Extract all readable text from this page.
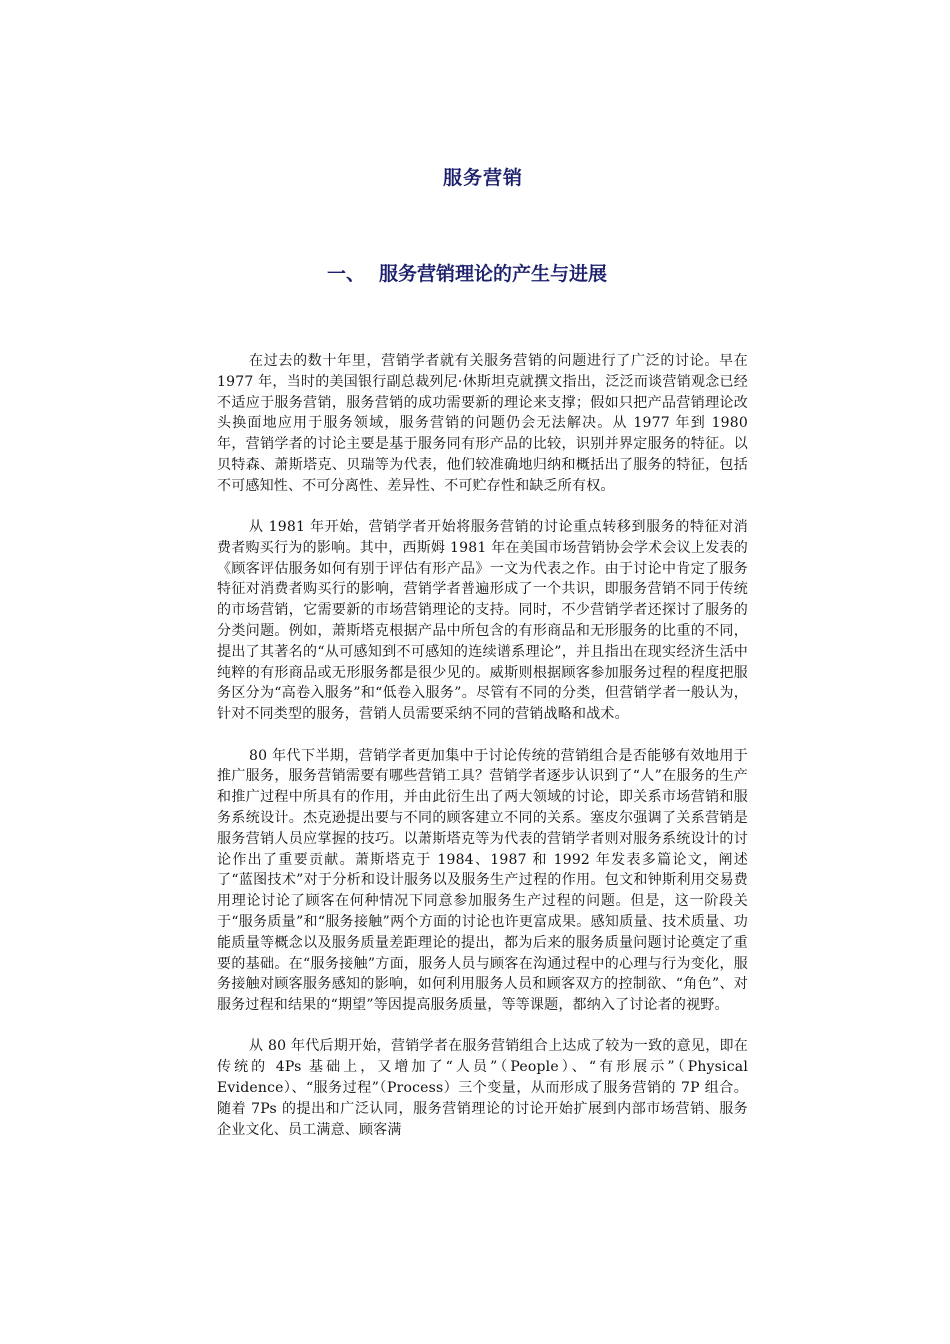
服务营销
一、 服务营销理论的产生与进展

在过去的数十年里，营销学者就有关服务营销的问题进行了广泛的讨论。早在 1977 年，当时的美国银行副总裁列尼·休斯坦克就撰文指出，泛泛而谈营销观念已经不适应于服务营销，服务营销的成功需要新的理论来支撑；假如只把产品营销理论改头换面地应用于服务领域，服务营销的问题仍会无法解决。从 1977 年到 1980 年，营销学者的讨论主要是基于服务同有形产品的比较，识别并界定服务的特征。以贝特森、萧斯塔克、贝瑞等为代表，他们较准确地归纳和概括出了服务的特征，包括不可感知性、不可分离性、差异性、不可贮存性和缺乏所有权。

从 1981 年开始，营销学者开始将服务营销的讨论重点转移到服务的特征对消费者购买行为的影响。其中，西斯姆 1981 年在美国市场营销协会学术会议上发表的《顾客评估服务如何有别于评估有形产品》一文为代表之作。由于讨论中肯定了服务特征对消费者购买行的影响，营销学者普遍形成了一个共识，即服务营销不同于传统的市场营销，它需要新的市场营销理论的支持。同时，不少营销学者还探讨了服务的分类问题。例如，萧斯塔克根据产品中所包含的有形商品和无形服务的比重的不同，提出了其著名的“从可感知到不可感知的连续谱系理论”，并且指出在现实经济生活中纯粹的有形商品或无形服务都是很少见的。威斯则根据顾客参加服务过程的程度把服务区分为“高卷入服务”和“低卷入服务”。尽管有不同的分类，但营销学者一般认为，针对不同类型的服务，营销人员需要采纳不同的营销战略和战术。

80 年代下半期，营销学者更加集中于讨论传统的营销组合是否能够有效地用于推广服务，服务营销需要有哪些营销工具？营销学者逐步认识到了“人”在服务的生产和推广过程中所具有的作用，并由此衍生出了两大领域的讨论，即关系市场营销和服务系统设计。杰克逊提出要与不同的顾客建立不同的关系。塞皮尔强调了关系营销是服务营销人员应掌握的技巧。以萧斯塔克等为代表的营销学者则对服务系统设计的讨论作出了重要贡献。萧斯塔克于 1984、1987 和 1992 年发表多篇论文，阐述了“蓝图技术”对于分析和设计服务以及服务生产过程的作用。包文和钟斯利用交易费用理论讨论了顾客在何种情况下同意参加服务生产过程的问题。但是，这一阶段关于“服务质量”和“服务接触”两个方面的讨论也许更富成果。感知质量、技术质量、功能质量等概念以及服务质量差距理论的提出，都为后来的服务质量问题讨论奠定了重要的基础。在“服务接触”方面，服务人员与顾客在沟通过程中的心理与行为变化，服务接触对顾客服务感知的影响，如何利用服务人员和顾客双方的控制欲、“角色”、对服务过程和结果的“期望”等因提高服务质量，等等课题，都纳入了讨论者的视野。

从 80 年代后期开始，营销学者在服务营销组合上达成了较为一致的意见，即在传统的 4Ps 基础上，又增加了“人员”（People）、“有形展示”（Physical Evidence）、“服务过程”（Process）三个变量，从而形成了服务营销的 7P 组合。随着 7Ps 的提出和广泛认同，服务营销理论的讨论开始扩展到内部市场营销、服务企业文化、员工满意、顾客满
